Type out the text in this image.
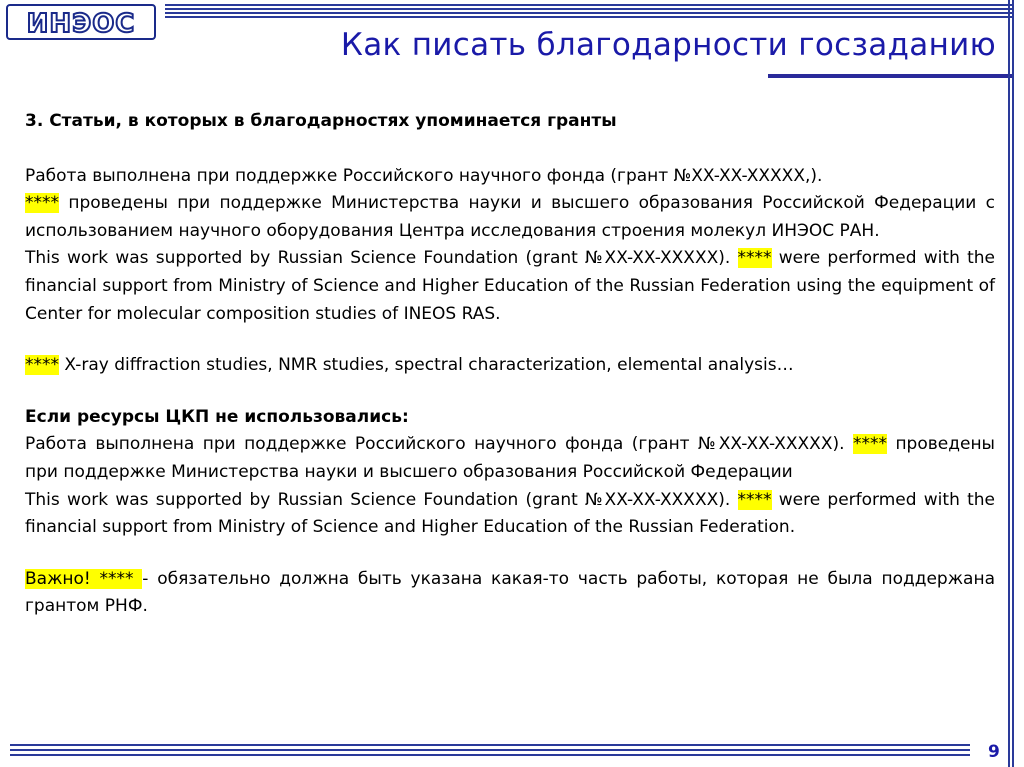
ИНЭОС
Как писать благодарности госзаданию

3. Статьи, в которых в благодарностях упоминается гранты

Работа выполнена при поддержке Российского научного фонда (грант №XX-XX-XXXXX,).
**** проведены при поддержке Министерства науки и высшего образования Российской Федерации с использованием научного оборудования Центра исследования строения молекул ИНЭОС РАН.

This work was supported by Russian Science Foundation (grant №XX-XX-XXXXX). **** were performed with the financial support from Ministry of Science and Higher Education of the Russian Federation using the equipment of Center for molecular composition studies of INEOS RAS.

**** X-ray diffraction studies, NMR studies, spectral characterization, elemental analysis…

Если ресурсы ЦКП не использовались:

Работа выполнена при поддержке Российского научного фонда (грант №XX-XX-XXXXX). **** проведены при поддержке Министерства науки и высшего образования Российской Федерации

This work was supported by Russian Science Foundation (grant №XX-XX-XXXXX). **** were performed with the financial support from Ministry of Science and Higher Education of the Russian Federation.

Важно! **** - обязательно должна быть указана какая-то часть работы, которая не была поддержана грантом РНФ.

9
